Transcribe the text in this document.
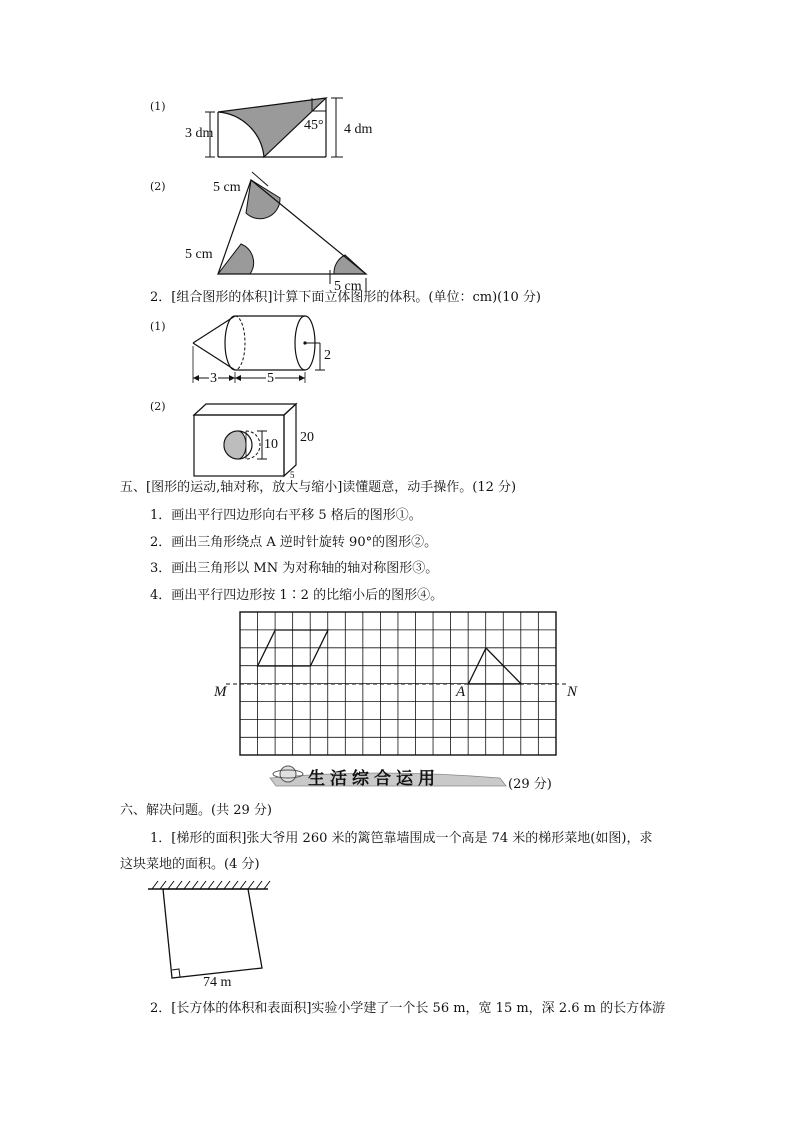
(1)
3 dm	4 dm
45°
(2)	5 cm
5 cm
5 cm
2．[组合图形的体积]计算下面立体图形的体积。(单位：cm)(10 分)
(1)
3	5
2
(2)
10 20
5
五、[图形的运动,轴对称，放大与缩小]读懂题意，动手操作。(12 分)
1．画出平行四边形向右平移 5 格后的图形①。
2．画出三角形绕点 A 逆时针旋转 90°的图形②。
3．画出三角形以 MN 为对称轴的轴对称图形③。
4．画出平行四边形按 1∶2 的比缩小后的图形④。
M	A	N
生活综合运用	(29 分)
六、解决问题。(共 29 分)
1．[梯形的面积]张大爷用 260 米的篱笆靠墙围成一个高是 74 米的梯形菜地(如图)，求
这块菜地的面积。(4 分)
74 m
2．[长方体的体积和表面积]实验小学建了一个长 56 m，宽 15 m，深 2.6 m 的长方体游
